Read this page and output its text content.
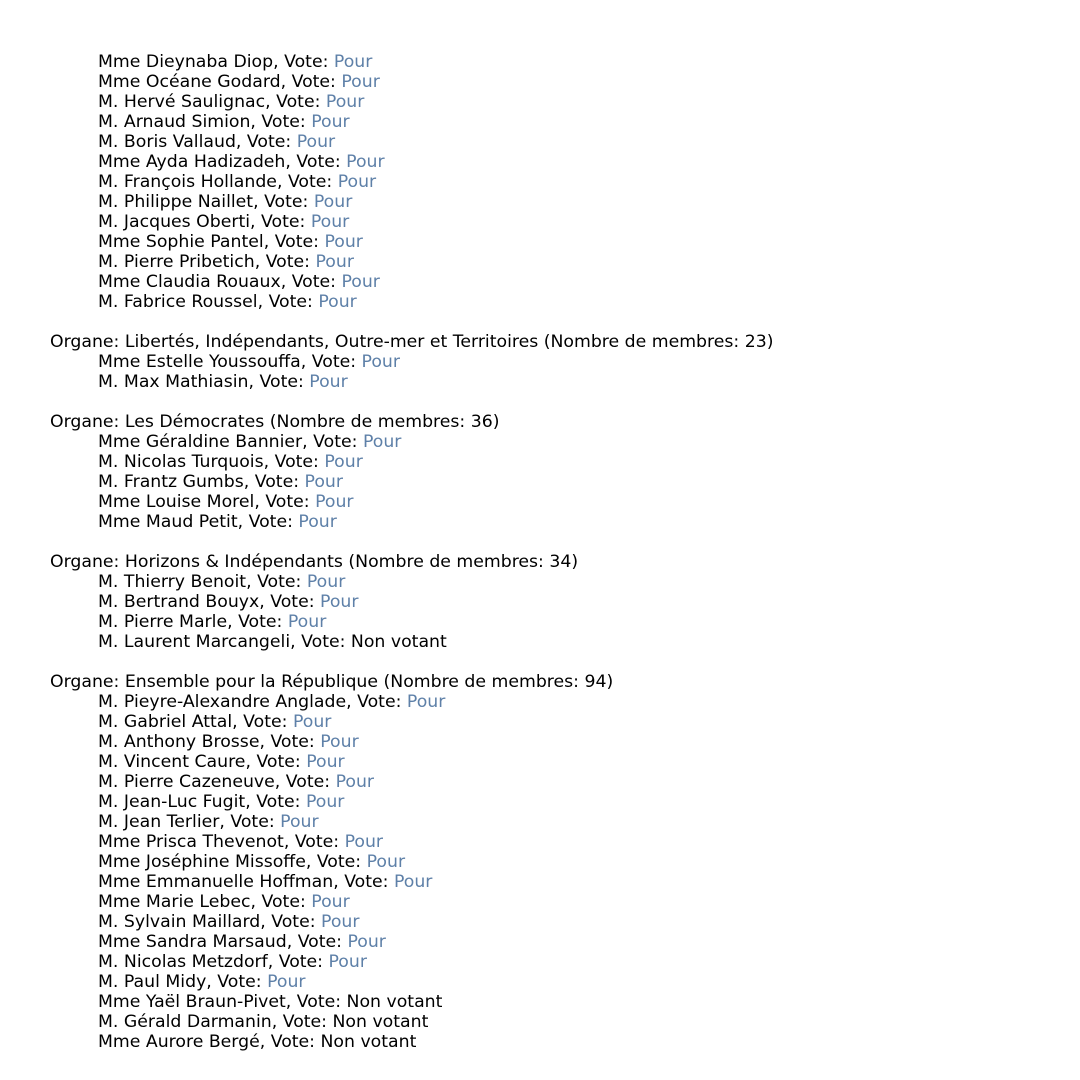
Mme Dieynaba Diop, Vote: Pour
Mme Océane Godard, Vote: Pour
M. Hervé Saulignac, Vote: Pour
M. Arnaud Simion, Vote: Pour
M. Boris Vallaud, Vote: Pour
Mme Ayda Hadizadeh, Vote: Pour
M. François Hollande, Vote: Pour
M. Philippe Naillet, Vote: Pour
M. Jacques Oberti, Vote: Pour
Mme Sophie Pantel, Vote: Pour
M. Pierre Pribetich, Vote: Pour
Mme Claudia Rouaux, Vote: Pour
M. Fabrice Roussel, Vote: Pour
Organe: Libertés, Indépendants, Outre-mer et Territoires (Nombre de membres: 23)
Mme Estelle Youssouffa, Vote: Pour
M. Max Mathiasin, Vote: Pour
Organe: Les Démocrates (Nombre de membres: 36)
Mme Géraldine Bannier, Vote: Pour
M. Nicolas Turquois, Vote: Pour
M. Frantz Gumbs, Vote: Pour
Mme Louise Morel, Vote: Pour
Mme Maud Petit, Vote: Pour
Organe: Horizons & Indépendants (Nombre de membres: 34)
M. Thierry Benoit, Vote: Pour
M. Bertrand Bouyx, Vote: Pour
M. Pierre Marle, Vote: Pour
M. Laurent Marcangeli, Vote: Non votant
Organe: Ensemble pour la République (Nombre de membres: 94)
M. Pieyre-Alexandre Anglade, Vote: Pour
M. Gabriel Attal, Vote: Pour
M. Anthony Brosse, Vote: Pour
M. Vincent Caure, Vote: Pour
M. Pierre Cazeneuve, Vote: Pour
M. Jean-Luc Fugit, Vote: Pour
M. Jean Terlier, Vote: Pour
Mme Prisca Thevenot, Vote: Pour
Mme Joséphine Missoffe, Vote: Pour
Mme Emmanuelle Hoffman, Vote: Pour
Mme Marie Lebec, Vote: Pour
M. Sylvain Maillard, Vote: Pour
Mme Sandra Marsaud, Vote: Pour
M. Nicolas Metzdorf, Vote: Pour
M. Paul Midy, Vote: Pour
Mme Yaël Braun-Pivet, Vote: Non votant
M. Gérald Darmanin, Vote: Non votant
Mme Aurore Bergé, Vote: Non votant
